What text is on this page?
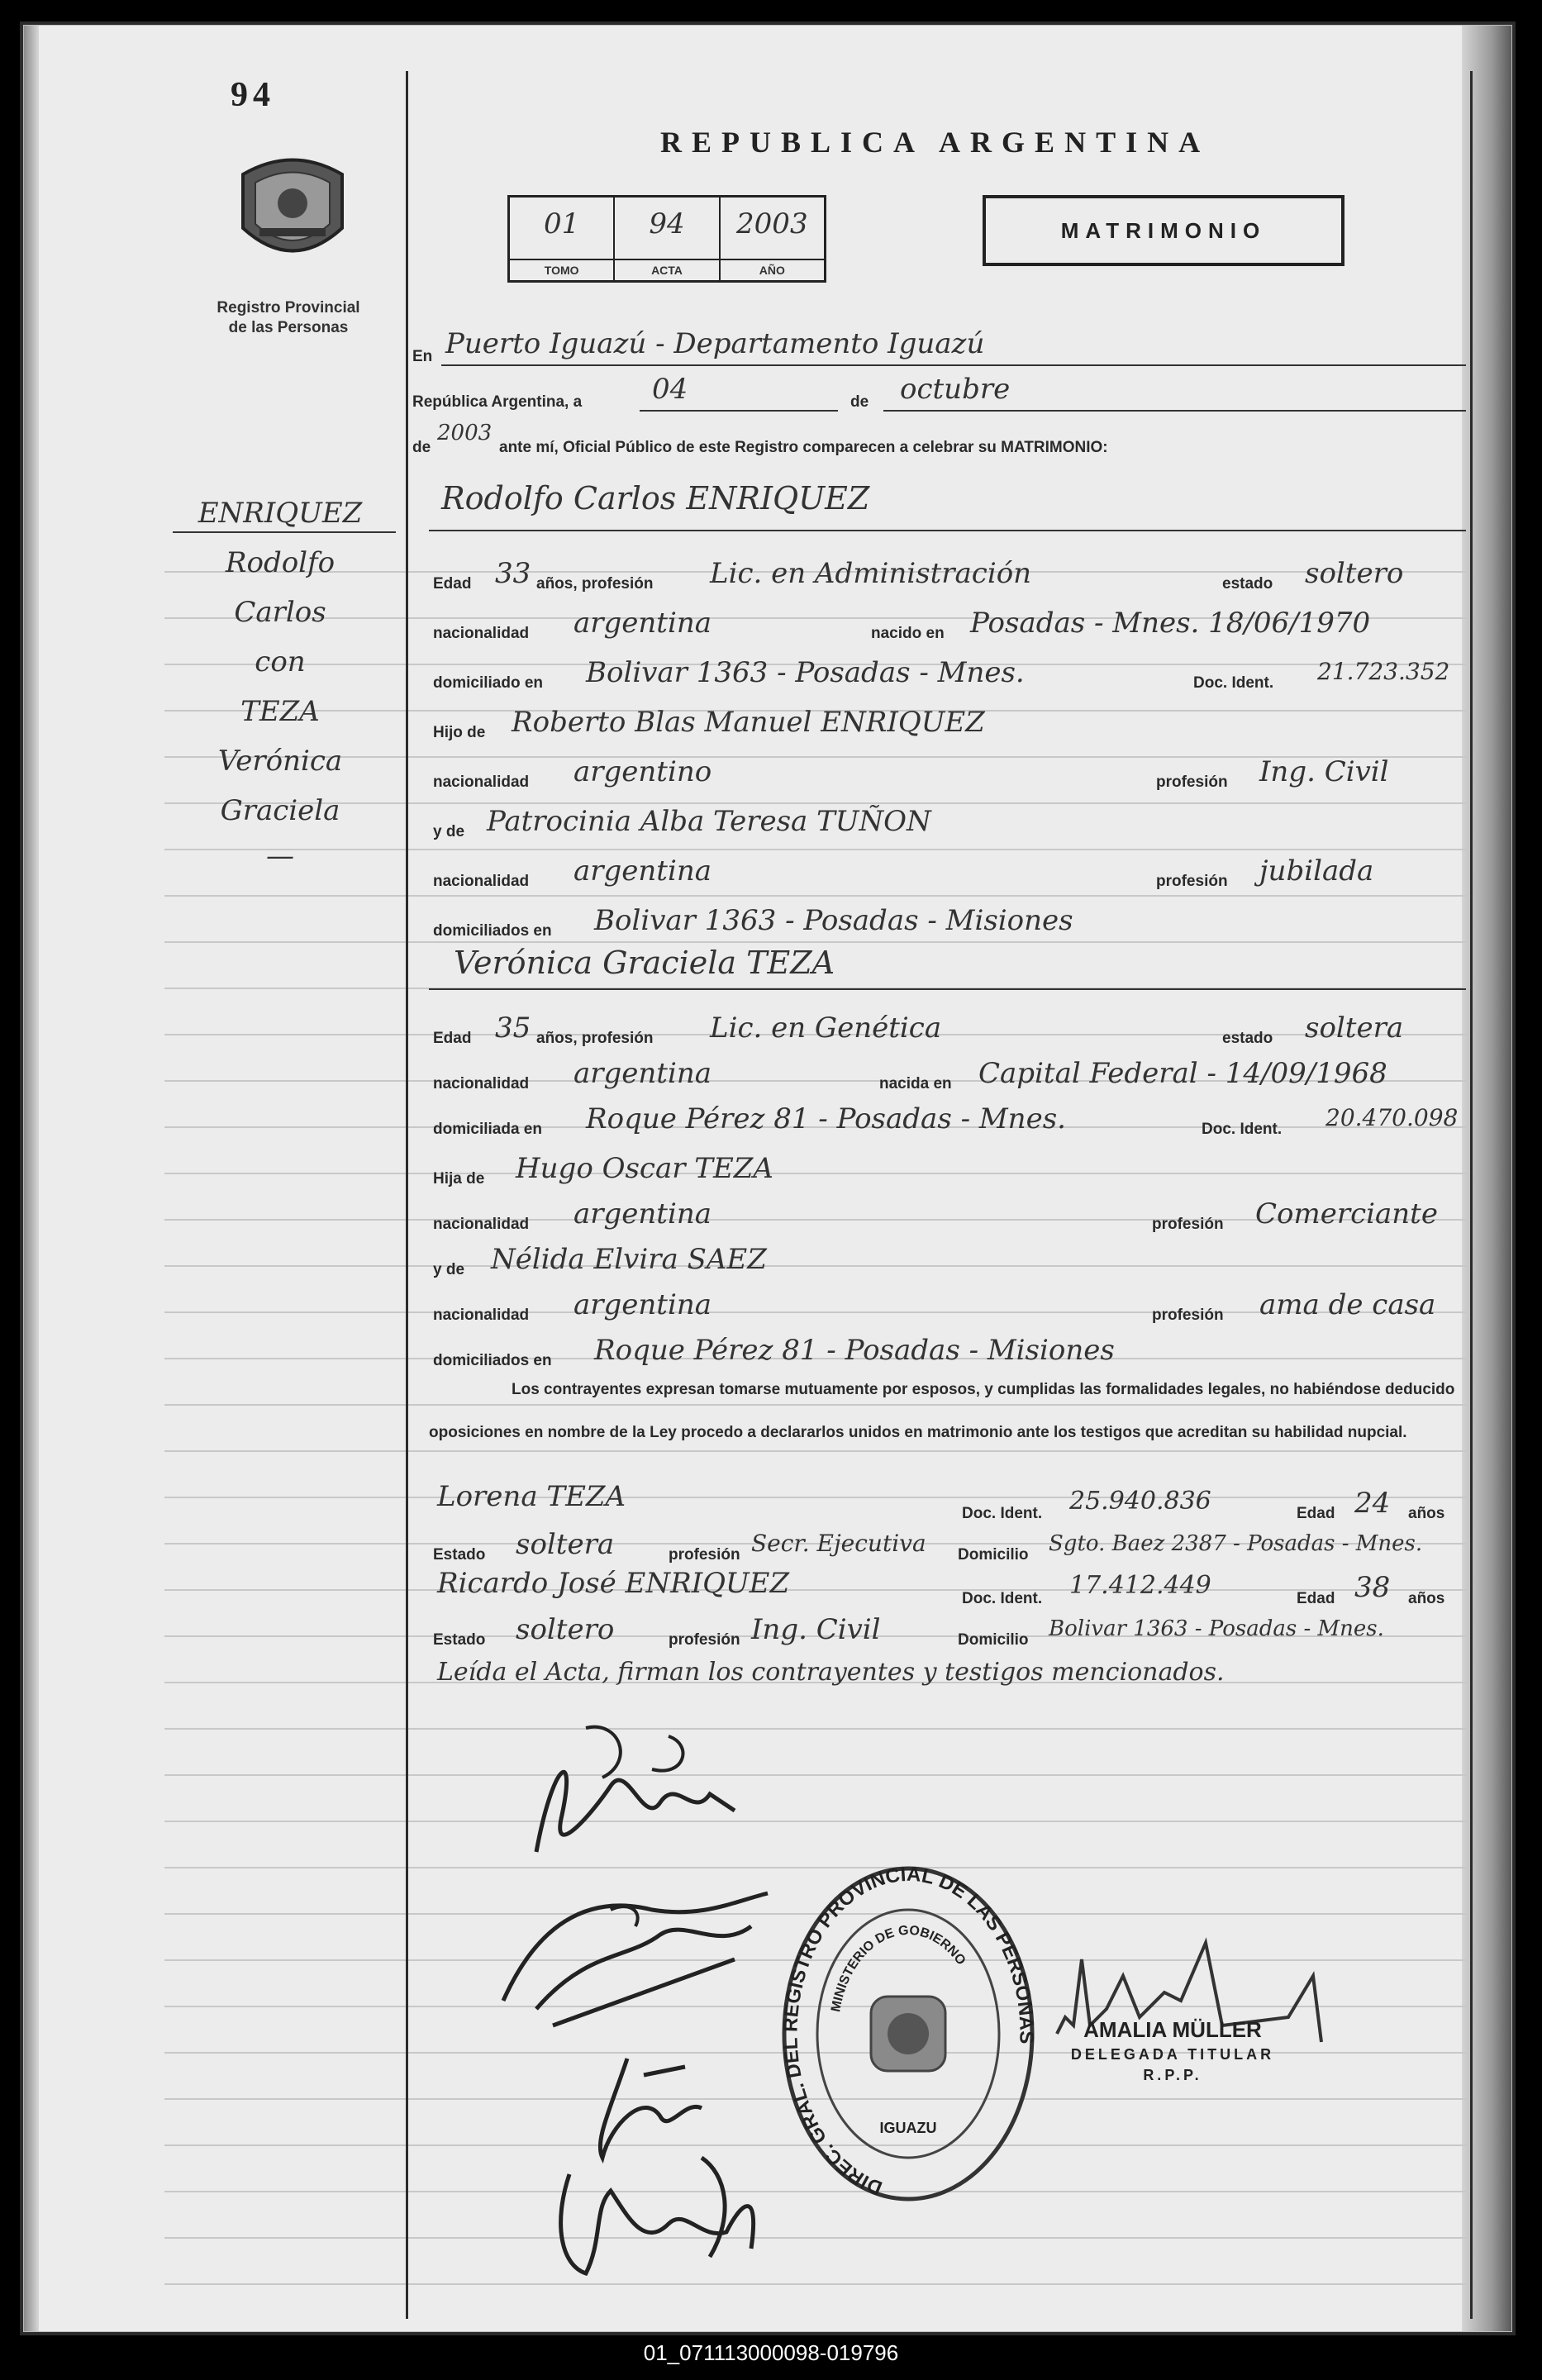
94
Registro Provincial
de las Personas
REPUBLICA ARGENTINA
01
TOMO
94
ACTA
2003
AÑO
MATRIMONIO
ENRIQUEZ
Rodolfo
Carlos
con
TEZA
Verónica
Graciela
—
En Puerto Iguazú - Departamento Iguazú
República Argentina, a 04	de octubre
de
2003
ante mí, Oficial Público de este Registro comparecen a celebrar su MATRIMONIO:
Rodolfo Carlos ENRIQUEZ
Edad 33 años, profesión Lic. en Administración	estado soltero
nacionalidad argentina	nacido en Posadas - Mnes. 18/06/1970
domiciliado en Bolivar 1363 - Posadas - Mnes.	Doc. Ident. 21.723.352
Hijo de Roberto Blas Manuel ENRIQUEZ
nacionalidad argentino	profesión Ing. Civil
y de Patrocinia Alba Teresa TUÑON
nacionalidad argentina	profesión jubilada
domiciliados en Bolivar 1363 - Posadas - Misiones
Verónica Graciela TEZA
Edad 35 años, profesión Lic. en Genética	estado soltera
nacionalidad argentina	nacida en Capital Federal - 14/09/1968
domiciliada en Roque Pérez 81 - Posadas - Mnes.	Doc. Ident. 20.470.098
Hija de Hugo Oscar TEZA
nacionalidad argentina	profesión Comerciante
y de Nélida Elvira SAEZ
nacionalidad argentina	profesión ama de casa
domiciliados en Roque Pérez 81 - Posadas - Misiones
Los contrayentes expresan tomarse mutuamente por esposos, y cumplidas las formalidades legales, no habiéndose deducido oposiciones en nombre de la Ley procedo a declararlos unidos en matrimonio ante los testigos que acreditan su habilidad nupcial.
Lorena TEZA
Doc. Ident. 25.940.836	Edad 24 años
Estado soltera	profesión Secr. Ejecutiva Domicilio Sgto. Baez 2387 - Posadas - Mnes.
Ricardo José ENRIQUEZ	Doc. Ident. 17.412.449	Edad 38 años
Estado soltero	profesión Ing. Civil	Domicilio Bolivar 1363 - Posadas - Mnes.
Leída el Acta, firman los contrayentes y testigos mencionados.
DIREC. GRAL. DEL REGISTRO PROVINCIAL DE LAS PERSONAS
MINISTERIO DE GOBIERNO
IGUAZU
AMALIA MÜLLER
DELEGADA TITULAR
R.P.P.
01_071113000098-019796
